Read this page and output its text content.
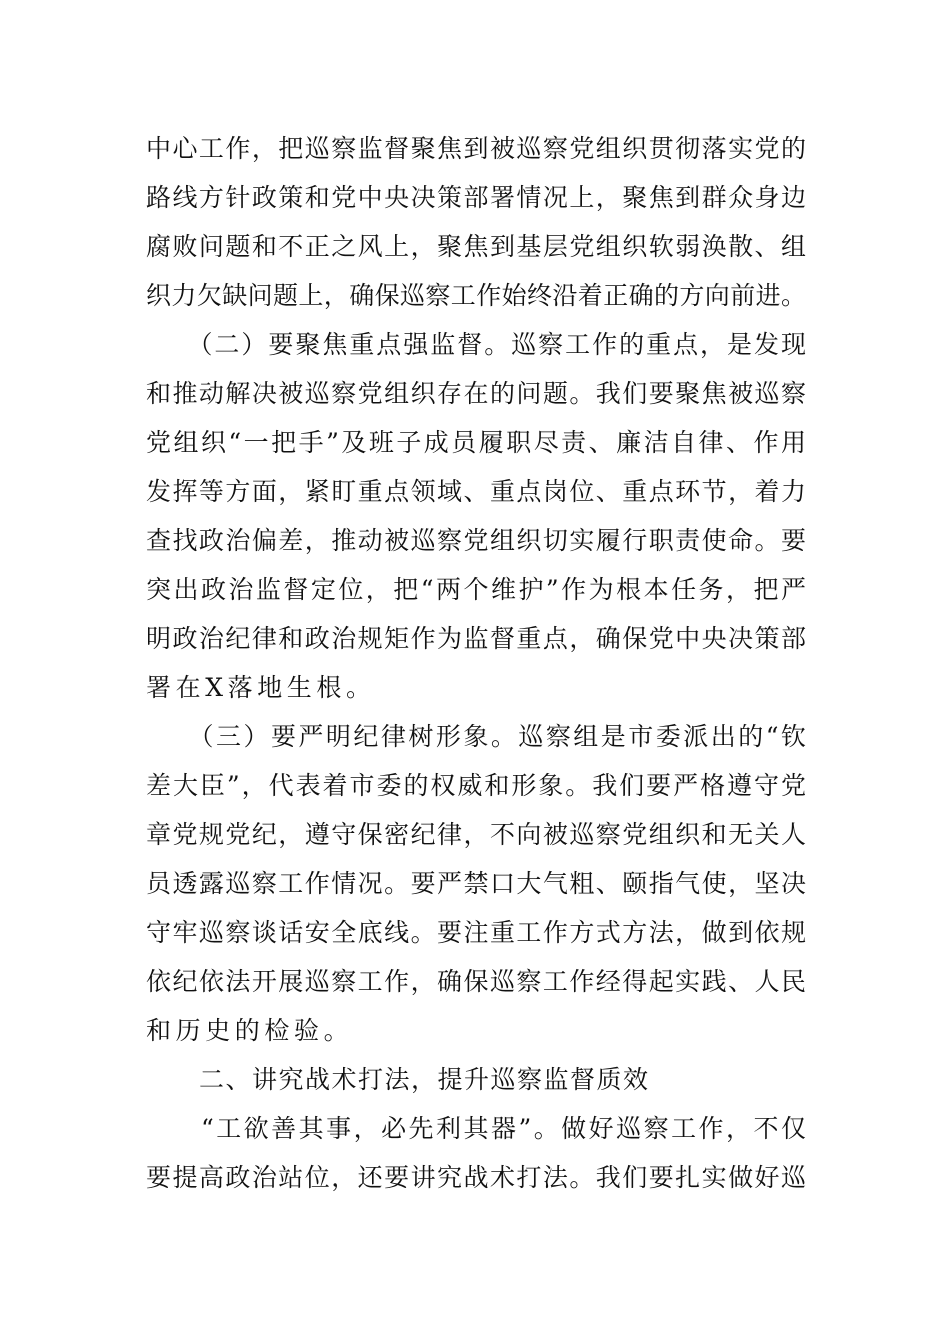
中心工作，把巡察监督聚焦到被巡察党组织贯彻落实党的
路线方针政策和党中央决策部署情况上，聚焦到群众身边
腐败问题和不正之风上，聚焦到基层党组织软弱涣散、组
织力欠缺问题上，确保巡察工作始终沿着正确的方向前进。
　　（二）要聚焦重点强监督。巡察工作的重点，是发现
和推动解决被巡察党组织存在的问题。我们要聚焦被巡察
党组织“一把手”及班子成员履职尽责、廉洁自律、作用
发挥等方面，紧盯重点领域、重点岗位、重点环节，着力
查找政治偏差，推动被巡察党组织切实履行职责使命。要
突出政治监督定位，把“两个维护”作为根本任务，把严
明政治纪律和政治规矩作为监督重点，确保党中央决策部
署在X落地生根。
　　（三）要严明纪律树形象。巡察组是市委派出的“钦
差大臣”，代表着市委的权威和形象。我们要严格遵守党
章党规党纪，遵守保密纪律，不向被巡察党组织和无关人
员透露巡察工作情况。要严禁口大气粗、颐指气使，坚决
守牢巡察谈话安全底线。要注重工作方式方法，做到依规
依纪依法开展巡察工作，确保巡察工作经得起实践、人民
和历史的检验。
　　二、讲究战术打法，提升巡察监督质效
　　“工欲善其事，必先利其器”。做好巡察工作，不仅
要提高政治站位，还要讲究战术打法。我们要扎实做好巡
